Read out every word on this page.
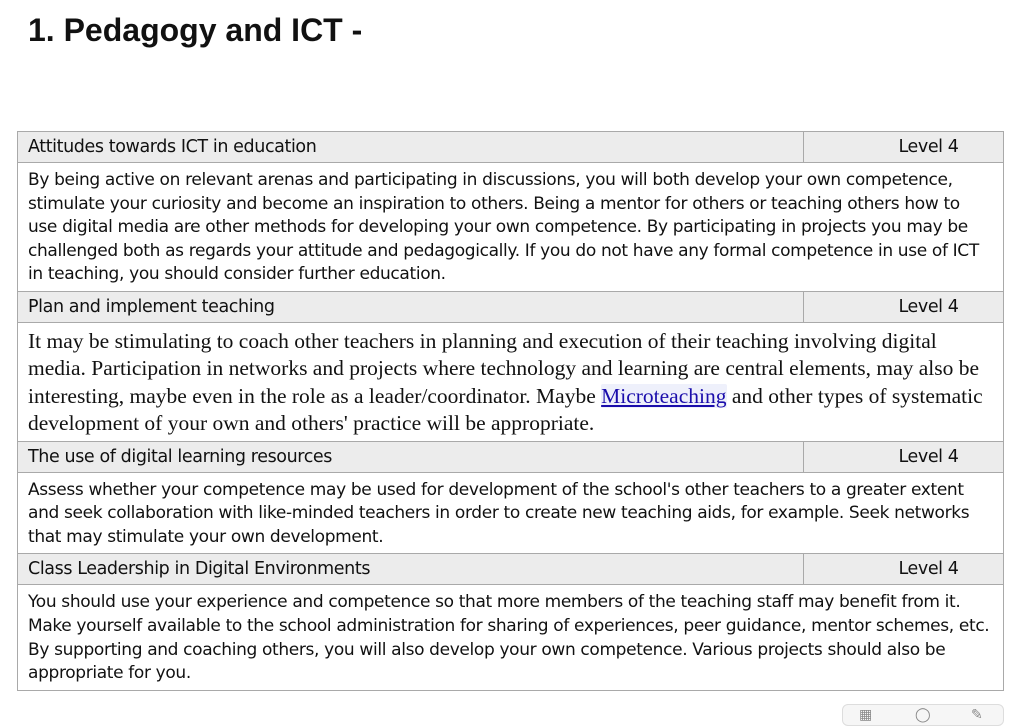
1. Pedagogy and ICT -
Attitudes towards ICT in education	Level 4
By being active on relevant arenas and participating in discussions, you will both develop your own competence, stimulate your curiosity and become an inspiration to others. Being a mentor for others or teaching others how to use digital media are other methods for developing your own competence. By participating in projects you may be challenged both as regards your attitude and pedagogically. If you do not have any formal competence in use of ICT in teaching, you should consider further education.	
Plan and implement teaching	Level 4
It may be stimulating to coach other teachers in planning and execution of their teaching involving digital media. Participation in networks and projects where technology and learning are central elements, may also be interesting, maybe even in the role as a leader/coordinator. Maybe Microteaching and other types of systematic development of your own and others' practice will be appropriate.	
The use of digital learning resources	Level 4
Assess whether your competence may be used for development of the school's other teachers to a greater extent and seek collaboration with like-minded teachers in order to create new teaching aids, for example. Seek networks that may stimulate your own development.	
Class Leadership in Digital Environments	Level 4
You should use your experience and competence so that more members of the teaching staff may benefit from it. Make yourself available to the school administration for sharing of experiences, peer guidance, mentor schemes, etc. By supporting and coaching others, you will also develop your own competence. Various projects should also be appropriate for you.	
▦	◯	✎
